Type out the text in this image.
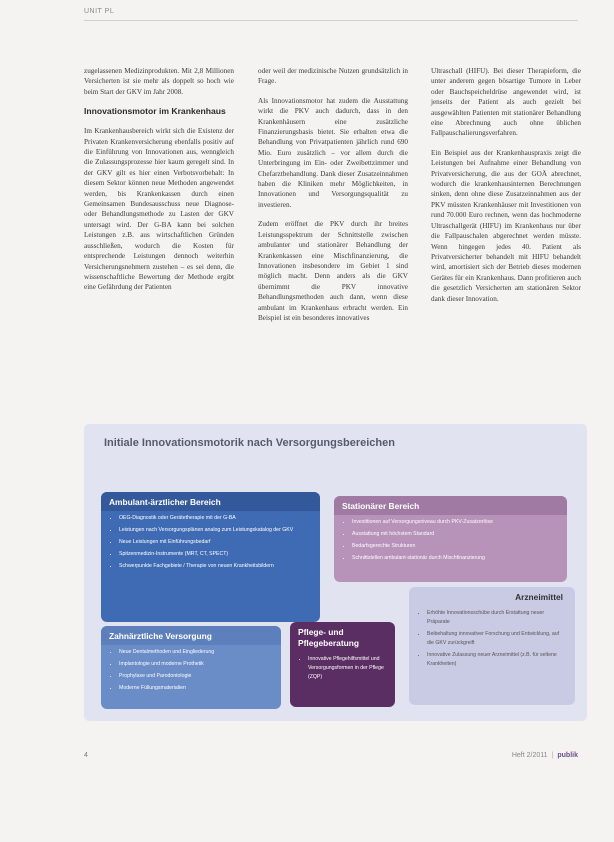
UNIT PL

zugelassenen Medizinprodukten. Mit 2,8 Millionen Versicherten ist sie mehr als doppelt so hoch wie beim Start der GKV im Jahr 2008.

Innovationsmotor im Krankenhaus

Im Krankenhausbereich wirkt sich die Existenz der Privaten Krankenversicherung ebenfalls positiv auf die Einführung von Innovationen aus, wenngleich die Zulassungsprozesse hier kaum geregelt sind. In der GKV gilt es hier einen Verbotsvorbehalt: In diesem Sektor können neue Methoden angewendet werden, bis Krankenkassen durch einen Gemeinsamen Bundesausschuss neue Diagnose- oder Behandlungsmethode zu Lasten der GKV untersagt wird. Der G-BA kann bei solchen Leistungen z.B. aus wirtschaftlichen Gründen ausschließen, wodurch die Kosten für entsprechende Leistungen dennoch weiterhin Versicherungsnehmern zustehen – es sei denn, die wissenschaftliche Bewertung der Methode ergibt eine Gefährdung der Patienten

oder weil der medizinische Nutzen grundsätzlich in Frage.

Als Innovationsmotor hat zudem die Ausstattung wirkt die PKV auch dadurch, dass in den Krankenhäusern eine zusätzliche Finanzierungsbasis bietet. Sie erhalten etwa die Behandlung von Privatpatienten jährlich rund 690 Mio. Euro zusätzlich – vor allem durch die Unterbringung im Ein- oder Zweibettzimmer und Chefarztbehandlung. Dank dieser Zusatzeinnahmen haben die Kliniken mehr Möglichkeiten, in Innovationen und Versorgungsqualität zu investieren.

Zudem eröffnet die PKV durch ihr breites Leistungsspektrum der Schnittstelle zwischen ambulanter und stationärer Behandlung der Krankenkassen eine Mischfinanzierung, die Innovationen insbesondere im Gebiet 1 sind möglich macht. Denn anders als die GKV übernimmt die PKV innovative Behandlungsmethoden auch dann, wenn diese ambulant im Krankenhaus erbracht werden. Ein Beispiel ist ein besonderes innovatives

Ultraschall (HIFU). Bei dieser Therapieform, die unter anderem gegen bösartige Tumore in Leber oder Bauchspeicheldrüse angewendet wird, ist jenseits der Patient als auch gezielt bei ausgewählten Patienten mit stationärer Behandlung eine Abrechnung auch ohne üblichen Fallpauschalierungsverfahren.

Ein Beispiel aus der Krankenhauspraxis zeigt die Leistungen bei Aufnahme einer Behandlung von Privatversicherung, die aus der GOÄ abrechnet, wodurch die krankenhausinternen Berechnungen sinken, denn ohne diese Zusatzeinnahmen aus der PKV müssten Krankenhäuser mit Investitionen von rund 70.000 Euro rechnen, wenn das hochmoderne Ultraschallgerät (HIFU) im Krankenhaus nur über die Fallpauschalen abgerechnet werden müsste. Wenn hingegen jedes 40. Patient als Privatversicherter behandelt mit HIFU behandelt wird, amortisiert sich der Betrieb dieses modernen Gerätes für ein Krankenhaus. Dann profitieren auch die gesetzlich Versicherten am stationären Sektor dank dieser Innovation.

Initiale Innovationsmotorik nach Versorgungsbereichen
Ambulant-ärztlicher Bereich
• OEG-Diagnostik oder Gerätetherapie mit der G-BA
• Leistungen nach Versorgungsplänen analog zum Leistungskatalog der GKV
• Neue Leistungen mit Einführungsbedarf
• Spitzenmedizin-Instrumente (MRT, CT, SPECT)
• Schwerpunkte Fachgebiete / Therapie von neuen Krankheitsbildern
Stationärer Bereich
• Investitionen auf Versorgungsniveau durch PKV-Zusatzerlöse
• Ausstattung mit höchstem Standard
• Bedarfsgerechte Strukturen
• Schnittstellen ambulant-stationär durch Mischfinanzierung
Arzneimittel
• Erhöhte Innovationsschübe durch Erstattung neuer Präparate
• Beibehaltung innovativer Forschung und Entwicklung, auf die GKV zurückgreift
• Innovative Zulassung neuer Arzneimittel (z.B. für seltene Krankheiten)
Zahnärztliche Versorgung
• Neue Dentalmethoden und Eingliederung
• Implantologie und moderne Prothetik
• Prophylaxe und Parodontologie
• Moderne Füllungsmaterialien
Pflege- und Pflegeberatung
• Innovative Pflegehilfsmittel und Versorgungsformen in der Pflege (ZQP)
4	Heft 2/2011 | publik
